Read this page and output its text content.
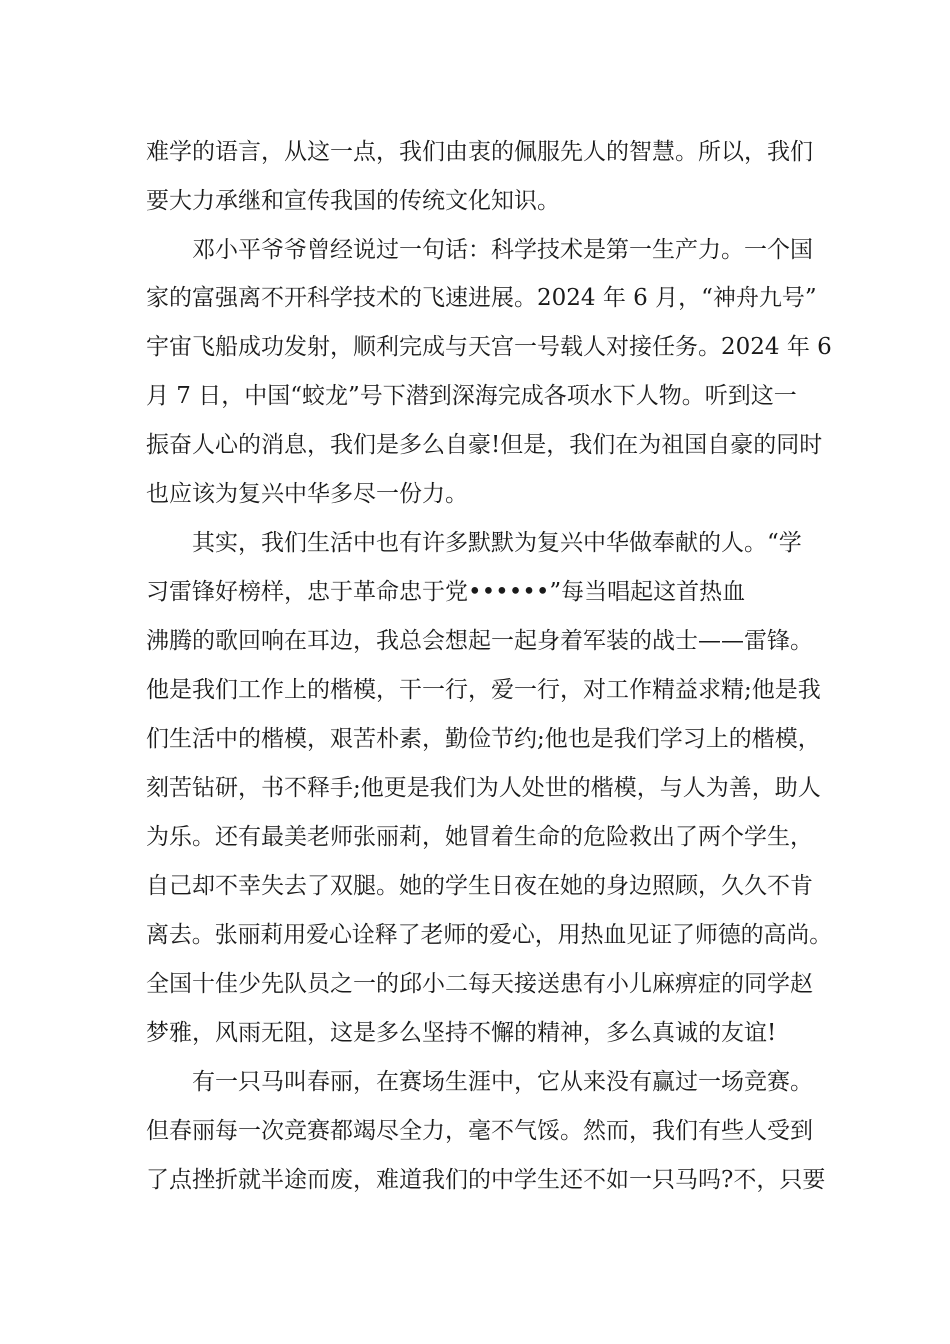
难学的语言，从这一点，我们由衷的佩服先人的智慧。所以，我们

要大力承继和宣传我国的传统文化知识。

邓小平爷爷曾经说过一句话：科学技术是第一生产力。一个国

家的富强离不开科学技术的飞速进展。2024 年 6 月，“神舟九号”

宇宙飞船成功发射，顺利完成与天宫一号载人对接任务。2024 年 6

月 7 日，中国“蛟龙”号下潜到深海完成各项水下人物。听到这一

振奋人心的消息，我们是多么自豪!但是，我们在为祖国自豪的同时

也应该为复兴中华多尽一份力。

其实，我们生活中也有许多默默为复兴中华做奉献的人。“学

习雷锋好榜样，忠于革命忠于党••••••”每当唱起这首热血

沸腾的歌回响在耳边，我总会想起一起身着军装的战士——雷锋。

他是我们工作上的楷模，干一行，爱一行，对工作精益求精;他是我

们生活中的楷模，艰苦朴素，勤俭节约;他也是我们学习上的楷模，

刻苦钻研，书不释手;他更是我们为人处世的楷模，与人为善，助人

为乐。还有最美老师张丽莉，她冒着生命的危险救出了两个学生，

自己却不幸失去了双腿。她的学生日夜在她的身边照顾，久久不肯

离去。张丽莉用爱心诠释了老师的爱心，用热血见证了师德的高尚。

全国十佳少先队员之一的邱小二每天接送患有小儿麻痹症的同学赵

梦雅，风雨无阻，这是多么坚持不懈的精神，多么真诚的友谊!

有一只马叫春丽，在赛场生涯中，它从来没有赢过一场竞赛。

但春丽每一次竞赛都竭尽全力，毫不气馁。然而，我们有些人受到

了点挫折就半途而废，难道我们的中学生还不如一只马吗?不，只要
